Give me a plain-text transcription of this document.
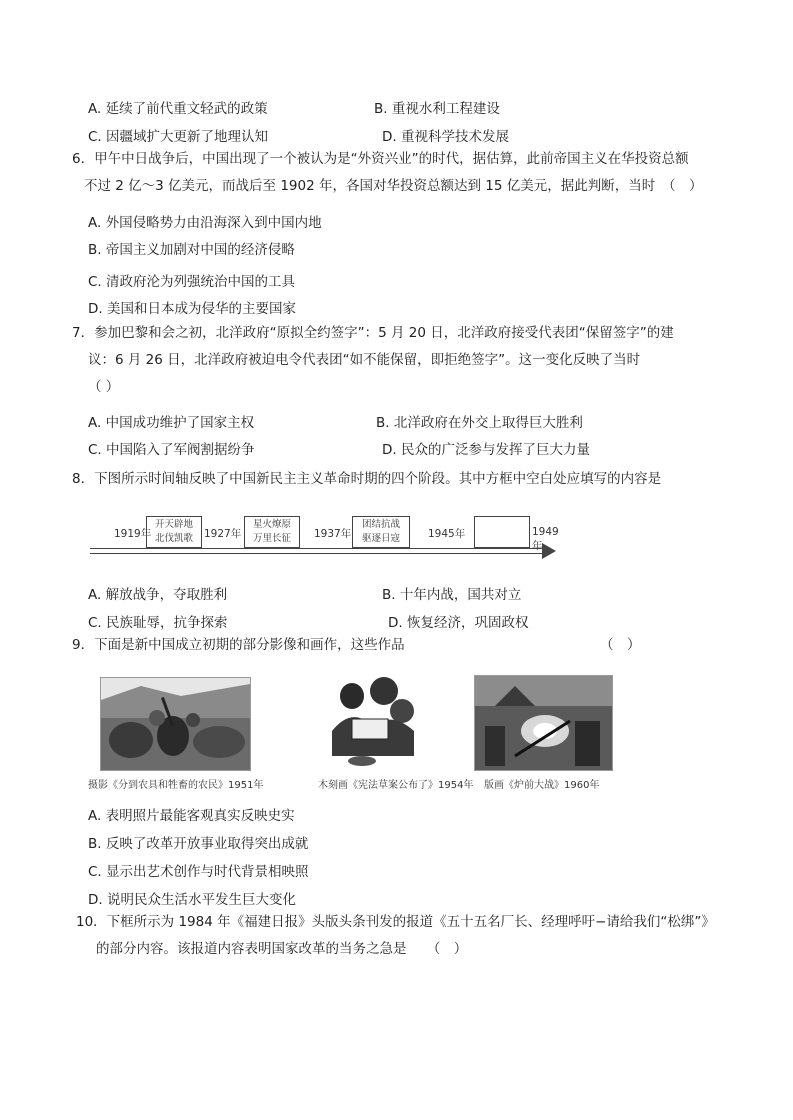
A. 延续了前代重文轻武的政策	B. 重视水利工程建设
C. 因疆域扩大更新了地理认知	D. 重视科学技术发展
6．甲午中日战争后，中国出现了一个被认为是“外资兴业”的时代，据估算，此前帝国主义在华投资总额
不过 2 亿～3 亿美元，而战后至 1902 年，各国对华投资总额达到 15 亿美元，据此判断，当时　（　）
A. 外国侵略势力由沿海深入到中国内地
B. 帝国主义加剧对中国的经济侵略
C. 清政府沦为列强统治中国的工具
D. 美国和日本成为侵华的主要国家
7．参加巴黎和会之初，北洋政府“原拟全约签字”：5 月 20 日，北洋政府接受代表团“保留签字”的建
议：6 月 26 日，北洋政府被迫电令代表团“如不能保留，即拒绝签字”。这一变化反映了当时
（ ）
A. 中国成功维护了国家主权	B. 北洋政府在外交上取得巨大胜利
C. 中国陷入了军阀割据纷争	D. 民众的广泛参与发挥了巨大力量
8．下图所示时间轴反映了中国新民主主义革命时期的四个阶段。其中方框中空白处应填写的内容是
1919年
开天辟地
北伐凯歌	1927年
星火燎原
万里长征	1937年
团结抗战
驱逐日寇	1945年	1949年
A. 解放战争，夺取胜利	B. 十年内战，国共对立
C. 民族耻辱，抗争探索	D. 恢复经济，巩固政权
9．下面是新中国成立初期的部分影像和画作，这些作品	（　）
摄影《分到农具和牲畜的农民》1951年	木刻画《宪法草案公布了》1954年 版画《炉前大战》1960年
A. 表明照片最能客观真实反映史实
B. 反映了改革开放事业取得突出成就
C. 显示出艺术创作与时代背景相映照
D. 说明民众生活水平发生巨大变化
10．下框所示为 1984 年《福建日报》头版头条刊发的报道《五十五名厂长、经理呼吁−请给我们“松绑”》
的部分内容。该报道内容表明国家改革的当务之急是　　（　）
